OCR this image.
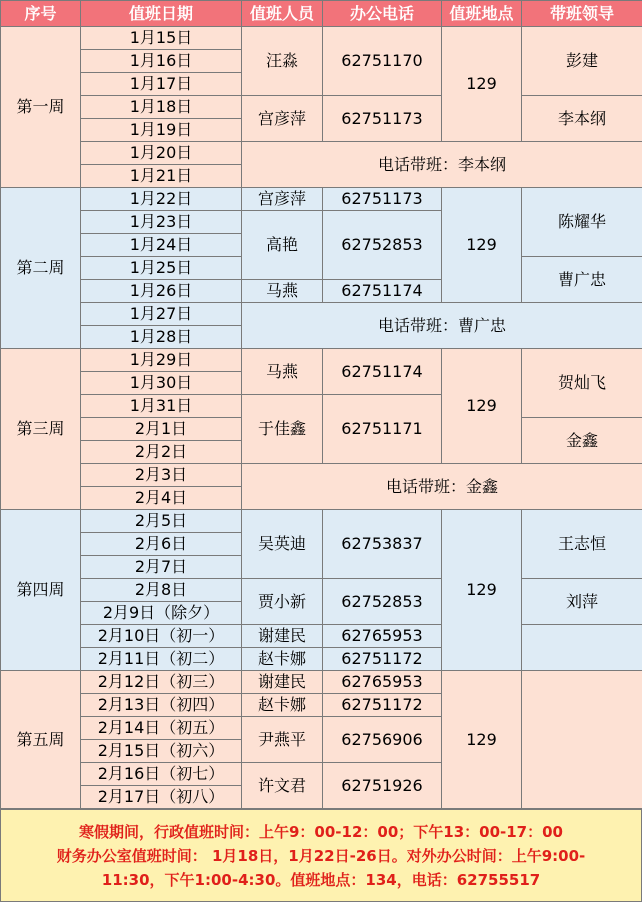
序号	值班日期	值班人员	办公电话	值班地点	带班领导
第一周	1月15日	汪淼	62751170	129	彭建
	1月16日				
	1月17日				
	1月18日	宫彦萍	62751173		李本纲
	1月19日				
	1月20日	电话带班：李本纲			
	1月21日				
第二周	1月22日	宫彦萍	62751173	129	陈耀华
	1月23日	高艳	62752853		
	1月24日				
	1月25日				曹广忠
	1月26日	马燕	62751174		
	1月27日	电话带班：曹广忠			
	1月28日				
第三周	1月29日	马燕	62751174	129	贺灿飞
	1月30日				
	1月31日	于佳鑫	62751171		
	2月1日				金鑫
	2月2日				
	2月3日	电话带班：金鑫			
	2月4日				
第四周	2月5日	吴英迪	62753837	129	王志恒
	2月6日				
	2月7日				
	2月8日	贾小新	62752853		刘萍
	2月9日（除夕）				
	2月10日（初一）	谢建民	62765953		
	2月11日（初二）	赵卡娜	62751172		
第五周	2月12日（初三）	谢建民	62765953	129	
	2月13日（初四）	赵卡娜	62751172		
	2月14日（初五）	尹燕平	62756906		
	2月15日（初六）				
	2月16日（初七）	许文君	62751926		
	2月17日（初八）				
寒假期间，行政值班时间：上午9：00-12：00；下午13：00-17：00
财务办公室值班时间： 1月18日，1月22日-26日。对外办公时间：上午9:00-
11:30，下午1:00-4:30。值班地点：134，电话：62755517
